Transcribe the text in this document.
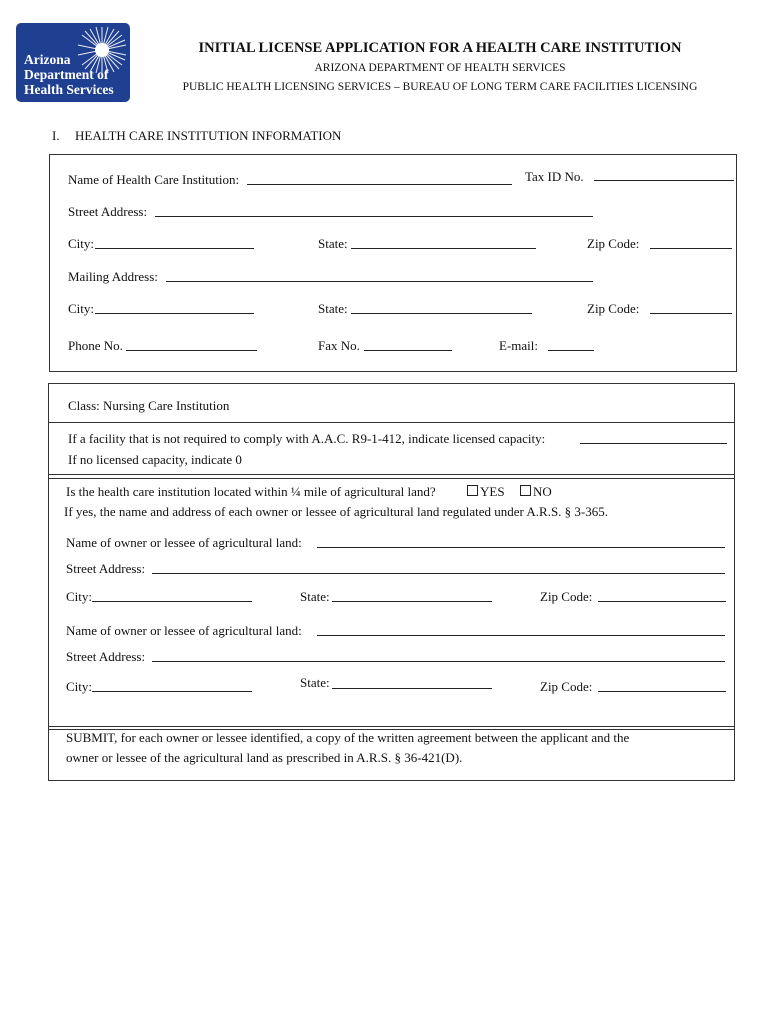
Arizona
Department of
Health Services
INITIAL LICENSE APPLICATION FOR A HEALTH CARE INSTITUTION
ARIZONA DEPARTMENT OF HEALTH SERVICES
PUBLIC HEALTH LICENSING SERVICES – BUREAU OF LONG TERM CARE FACILITIES LICENSING
I. HEALTH CARE INSTITUTION INFORMATION
Name of Health Care Institution:	Tax ID No.
Street Address:
City:	State:	Zip Code:
Mailing Address:
City:	State:	Zip Code:
Phone No.	Fax No.	E-mail:
Class: Nursing Care Institution
If a facility that is not required to comply with A.A.C. R9-1-412, indicate licensed capacity:
If no licensed capacity, indicate 0
Is the health care institution located within ¼ mile of agricultural land?	YES	NO
If yes, the name and address of each owner or lessee of agricultural land regulated under A.R.S. § 3-365.
Name of owner or lessee of agricultural land:
Street Address:
City:	State:	Zip Code:
Name of owner or lessee of agricultural land:
Street Address:
City:	State:	Zip Code:
SUBMIT, for each owner or lessee identified, a copy of the written agreement between the applicant and the
owner or lessee of the agricultural land as prescribed in A.R.S. § 36-421(D).
